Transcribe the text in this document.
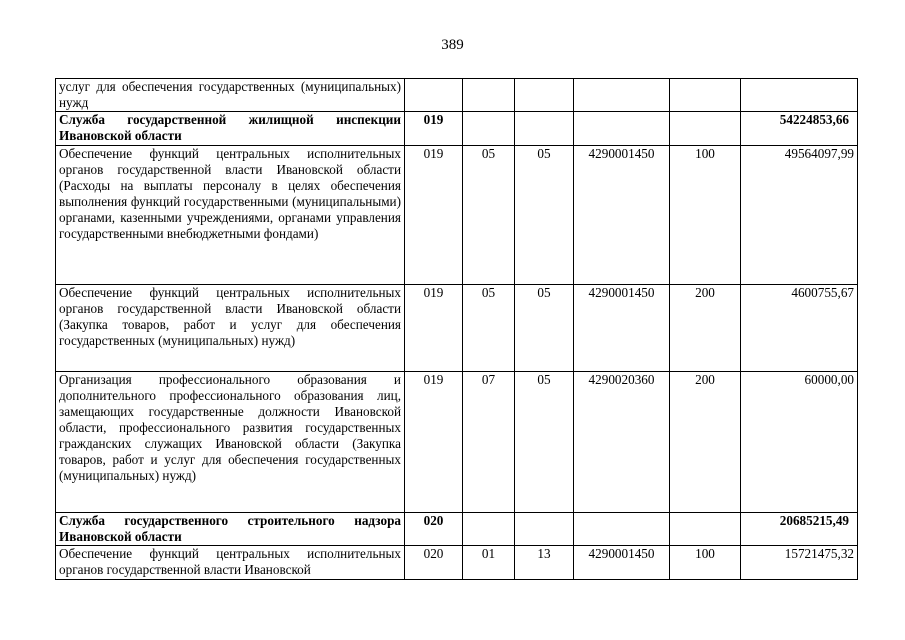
389
услуг для обеспечения государственных (муниципальных) нужд						
Служба государственной жилищной инспекции Ивановской области	019					54224853,66
Обеспечение функций центральных исполнительных органов государственной власти Ивановской области (Расходы на выплаты персоналу в целях обеспечения выполнения функций государственными (муниципальными) органами, казенными учреждениями, органами управления государственными внебюджетными фондами)	019	05	05	4290001450	100	49564097,99
Обеспечение функций центральных исполнительных органов государственной власти Ивановской области (Закупка товаров, работ и услуг для обеспечения государственных (муниципальных) нужд)	019	05	05	4290001450	200	4600755,67
Организация профессионального образования и дополнительного профессионального образования лиц, замещающих государственные должности Ивановской области, профессионального развития государственных гражданских служащих Ивановской области (Закупка товаров, работ и услуг для обеспечения государственных (муниципальных) нужд)	019	07	05	4290020360	200	60000,00
Служба государственного строительного надзора Ивановской области	020					20685215,49
Обеспечение функций центральных исполнительных органов государственной власти Ивановской	020	01	13	4290001450	100	15721475,32
